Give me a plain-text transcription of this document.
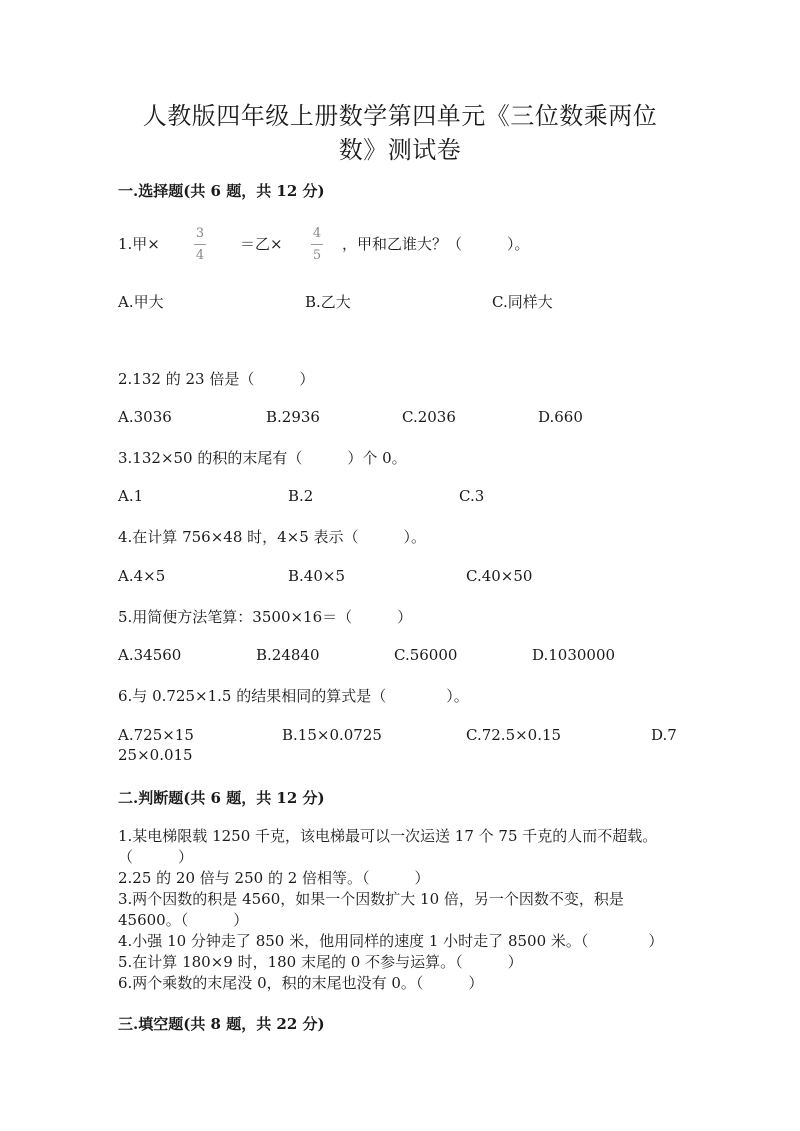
人教版四年级上册数学第四单元《三位数乘两位
数》测试卷
一.选择题(共 6 题，共 12 分)
1.甲×
3
4
＝乙×
4
5
，甲和乙谁大？（　　　）。
A.甲大	B.乙大	C.同样大
2.132 的 23 倍是（　　　）
A.3036	B.2936	C.2036	D.660
3.132×50 的积的末尾有（　　　）个 0。
A.1	B.2	C.3
4.在计算 756×48 时，4×5 表示（　　　）。
A.4×5	B.40×5	C.40×50
5.用简便方法笔算：3500×16＝（　　　）
A.34560	B.24840	C.56000	D.1030000
6.与 0.725×1.5 的结果相同的算式是（　　　　）。
A.725×15	B.15×0.0725	C.72.5×0.15	D.7
25×0.015
二.判断题(共 6 题，共 12 分)
1.某电梯限载 1250 千克，该电梯最可以一次运送 17 个 75 千克的人而不超载。
（　　　）
2.25 的 20 倍与 250 的 2 倍相等。（　　　）
3.两个因数的积是 4560，如果一个因数扩大 10 倍，另一个因数不变，积是
45600。（　　　）
4.小强 10 分钟走了 850 米，他用同样的速度 1 小时走了 8500 米。（　　　　）
5.在计算 180×9 时，180 末尾的 0 不参与运算。（　　　）
6.两个乘数的末尾没 0，积的末尾也没有 0。（　　　）
三.填空题(共 8 题，共 22 分)
